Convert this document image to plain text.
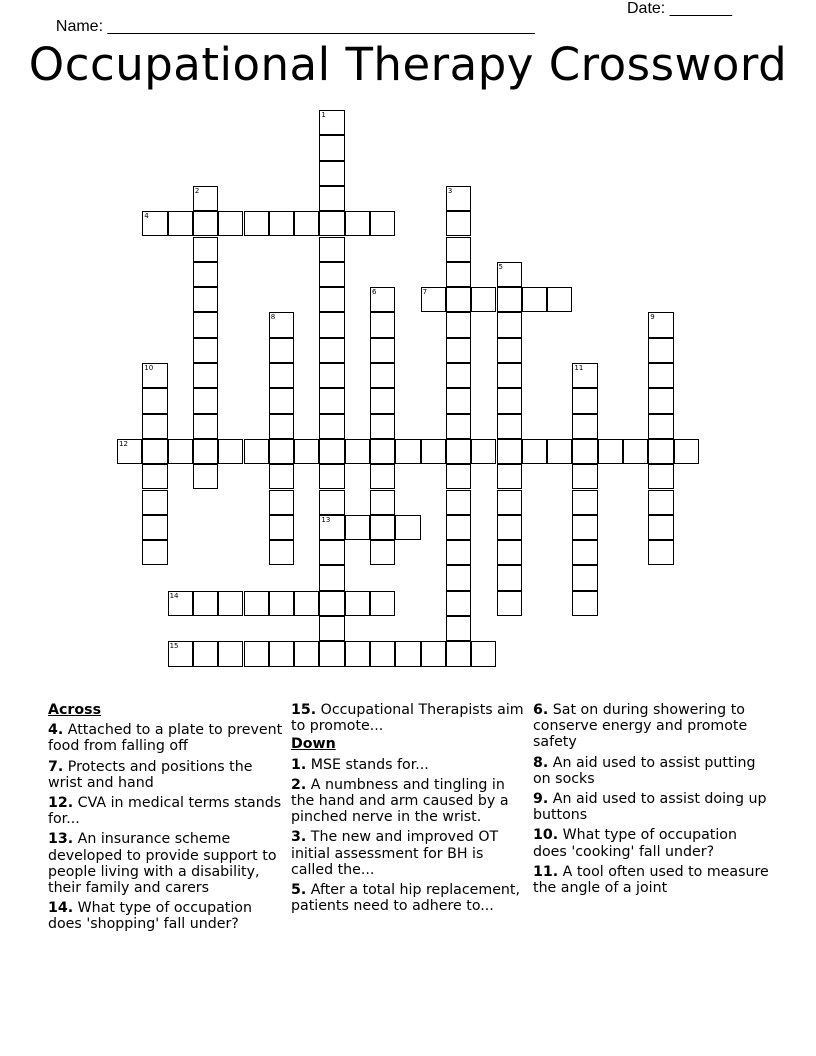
Name: ________________________________________________

Date: _______

Occupational Therapy Crossword
1
13
2	3
4
5
6	7
8	9
10	11
12
14
15
Across
4. Attached to a plate to prevent food from falling off
7. Protects and positions the wrist and hand
12. CVA in medical terms stands for...
13. An insurance scheme developed to provide support to people living with a disability, their family and carers
14. What type of occupation does 'shopping' fall under?
15. Occupational Therapists aim to promote...
Down
1. MSE stands for...
2. A numbness and tingling in the hand and arm caused by a pinched nerve in the wrist.
3. The new and improved OT initial assessment for BH is called the...
5. After a total hip replacement, patients need to adhere to...
6. Sat on during showering to conserve energy and promote safety
8. An aid used to assist putting on socks
9. An aid used to assist doing up buttons
10. What type of occupation does 'cooking' fall under?
11. A tool often used to measure the angle of a joint
